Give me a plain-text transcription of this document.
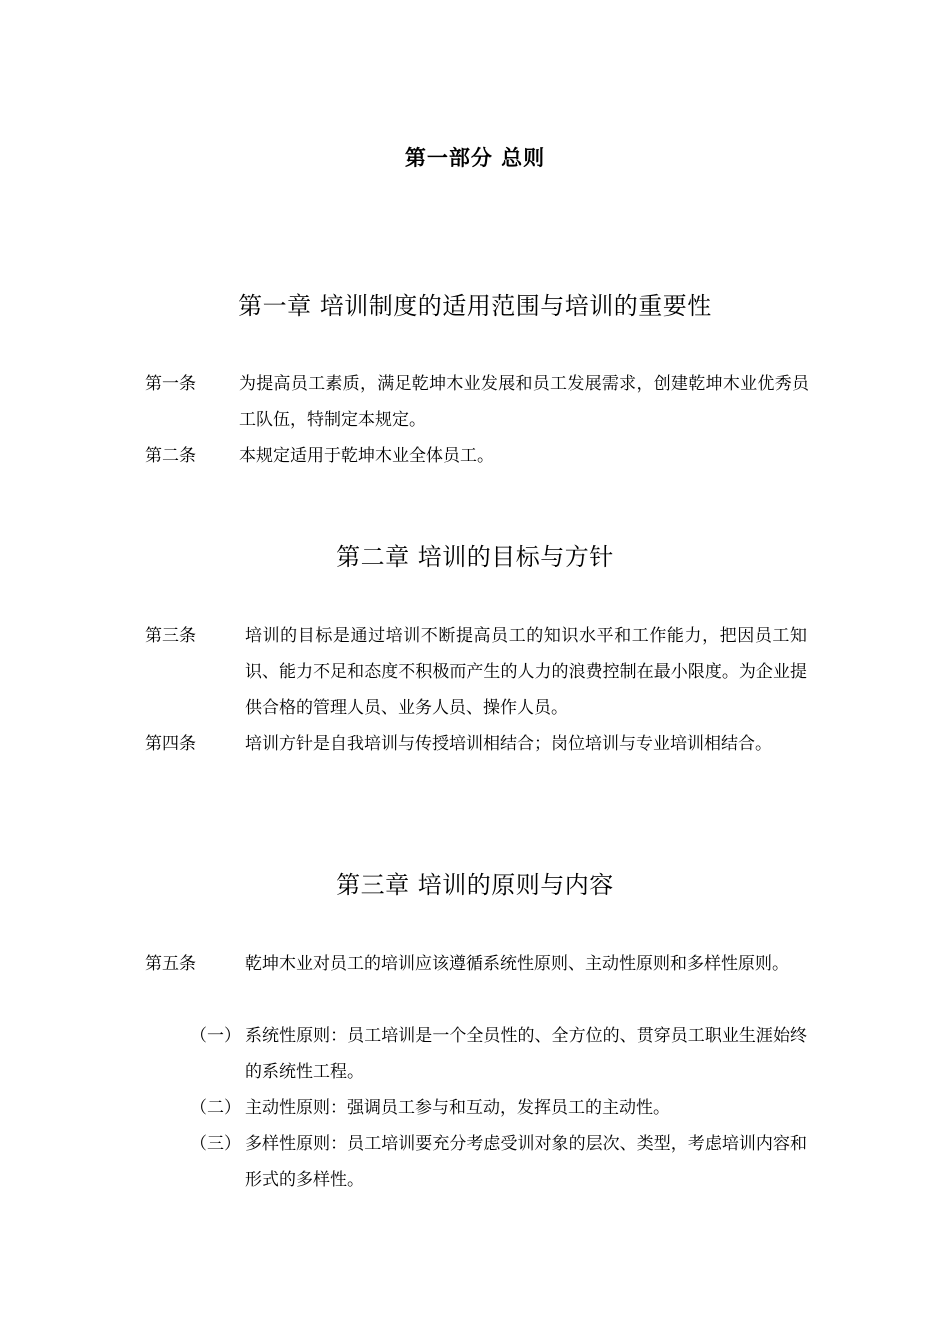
第一部分 总则
第一章 培训制度的适用范围与培训的重要性
第一条	为提高员工素质，满足乾坤木业发展和员工发展需求，创建乾坤木业优秀员工队伍，特制定本规定。
第二条	本规定适用于乾坤木业全体员工。
第二章 培训的目标与方针
第三条	培训的目标是通过培训不断提高员工的知识水平和工作能力，把因员工知识、能力不足和态度不积极而产生的人力的浪费控制在最小限度。为企业提供合格的管理人员、业务人员、操作人员。
第四条	培训方针是自我培训与传授培训相结合；岗位培训与专业培训相结合。
第三章 培训的原则与内容
第五条	乾坤木业对员工的培训应该遵循系统性原则、主动性原则和多样性原则。
（一） 系统性原则：员工培训是一个全员性的、全方位的、贯穿员工职业生涯始终的系统性工程。
（二） 主动性原则：强调员工参与和互动，发挥员工的主动性。
（三） 多样性原则：员工培训要充分考虑受训对象的层次、类型，考虑培训内容和形式的多样性。
